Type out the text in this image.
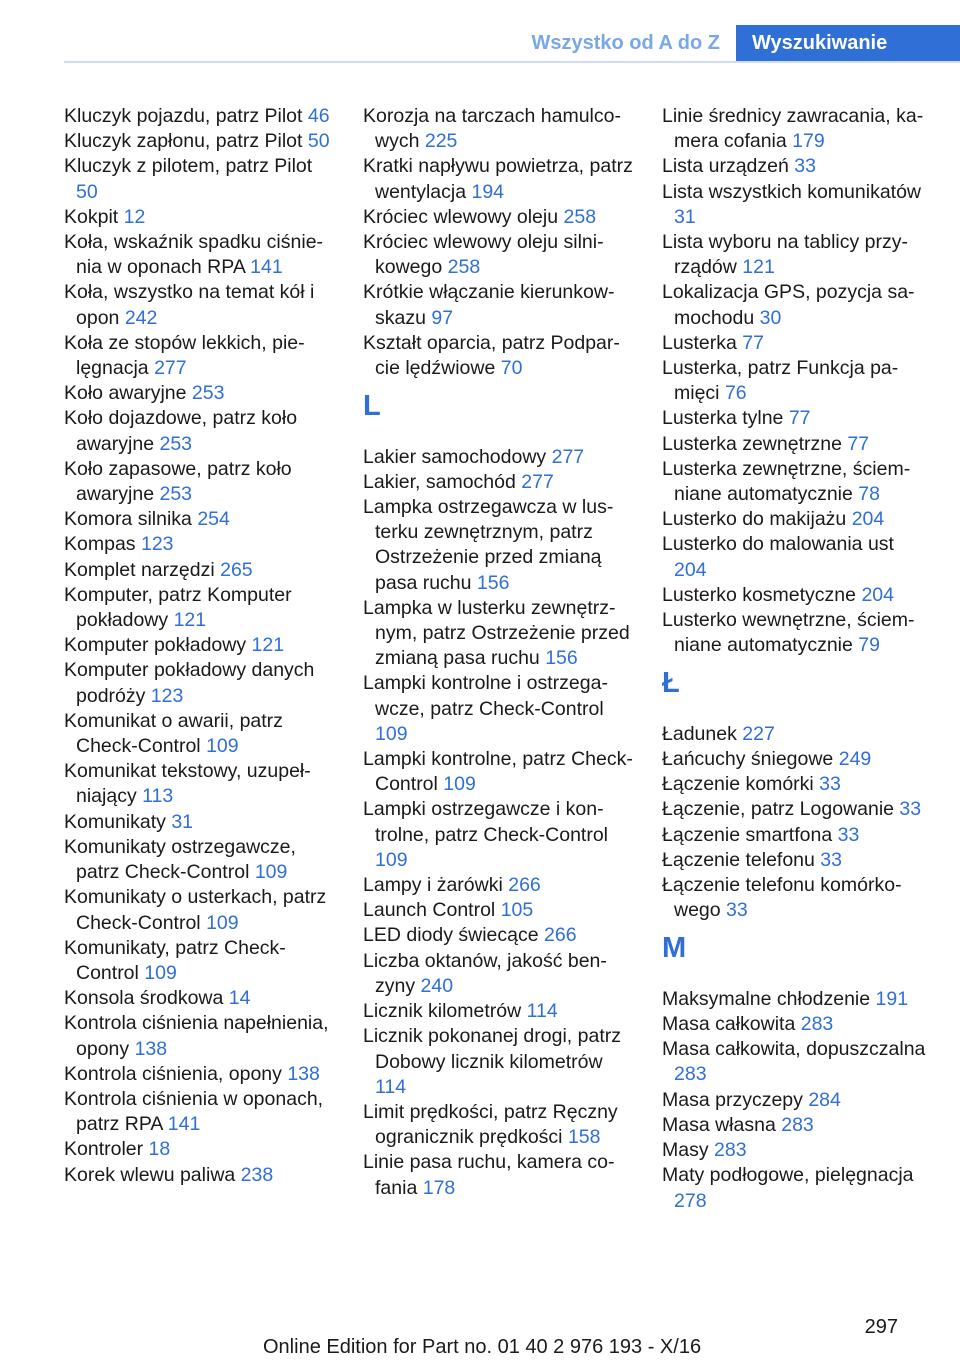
Wszystko od A do Z	Wyszukiwanie
Kluczyk pojazdu, patrz Pilot 46
Kluczyk zapłonu, patrz Pilot 50
Kluczyk z pilotem, patrz Pilot 50
Kokpit 12
Koła, wskaźnik spadku ciśnienia w oponach RPA 141
Koła, wszystko na temat kół i opon 242
Koła ze stopów lekkich, pielęgnacja 277
Koło awaryjne 253
Koło dojazdowe, patrz koło awaryjne 253
Koło zapasowe, patrz koło awaryjne 253
Komora silnika 254
Kompas 123
Komplet narzędzi 265
Komputer, patrz Komputer pokładowy 121
Komputer pokładowy 121
Komputer pokładowy danych podróży 123
Komunikat o awarii, patrz Check-Control 109
Komunikat tekstowy, uzupełniający 113
Komunikaty 31
Komunikaty ostrzegawcze, patrz Check-Control 109
Komunikaty o usterkach, patrz Check-Control 109
Komunikaty, patrz Check-Control 109
Konsola środkowa 14
Kontrola ciśnienia napełnienia, opony 138
Kontrola ciśnienia, opony 138
Kontrola ciśnienia w oponach, patrz RPA 141
Kontroler 18
Korek wlewu paliwa 238
Korozja na tarczach hamulcowych 225
Kratki napływu powietrza, patrz wentylacja 194
Króciec wlewowy oleju 258
Króciec wlewowy oleju silnikowego 258
Krótkie włączanie kierunkowskazu 97
Kształt oparcia, patrz Podparcie lędźwiowe 70
L
Lakier samochodowy 277
Lakier, samochód 277
Lampka ostrzegawcza w lusterku zewnętrznym, patrz Ostrzeżenie przed zmianą pasa ruchu 156
Lampka w lusterku zewnętrznym, patrz Ostrzeżenie przed zmianą pasa ruchu 156
Lampki kontrolne i ostrzegawcze, patrz Check-Control 109
Lampki kontrolne, patrz Check-Control 109
Lampki ostrzegawcze i kontrolne, patrz Check-Control 109
Lampy i żarówki 266
Launch Control 105
LED diody świecące 266
Liczba oktanów, jakość benzyny 240
Licznik kilometrów 114
Licznik pokonanej drogi, patrz Dobowy licznik kilometrów 114
Limit prędkości, patrz Ręczny ogranicznik prędkości 158
Linie pasa ruchu, kamera cofania 178
Linie średnicy zawracania, kamera cofania 179
Lista urządzeń 33
Lista wszystkich komunikatów 31
Lista wyboru na tablicy przyrządów 121
Lokalizacja GPS, pozycja samochodu 30
Lusterka 77
Lusterka, patrz Funkcja pamięci 76
Lusterka tylne 77
Lusterka zewnętrzne 77
Lusterka zewnętrzne, ściemniane automatycznie 78
Lusterko do makijażu 204
Lusterko do malowania ust 204
Lusterko kosmetyczne 204
Lusterko wewnętrzne, ściemniane automatycznie 79
Ł
Ładunek 227
Łańcuchy śniegowe 249
Łączenie komórki 33
Łączenie, patrz Logowanie 33
Łączenie smartfona 33
Łączenie telefonu 33
Łączenie telefonu komórkowego 33
M
Maksymalne chłodzenie 191
Masa całkowita 283
Masa całkowita, dopuszczalna 283
Masa przyczepy 284
Masa własna 283
Masy 283
Maty podłogowe, pielęgnacja 278
297
Online Edition for Part no. 01 40 2 976 193 - X/16
